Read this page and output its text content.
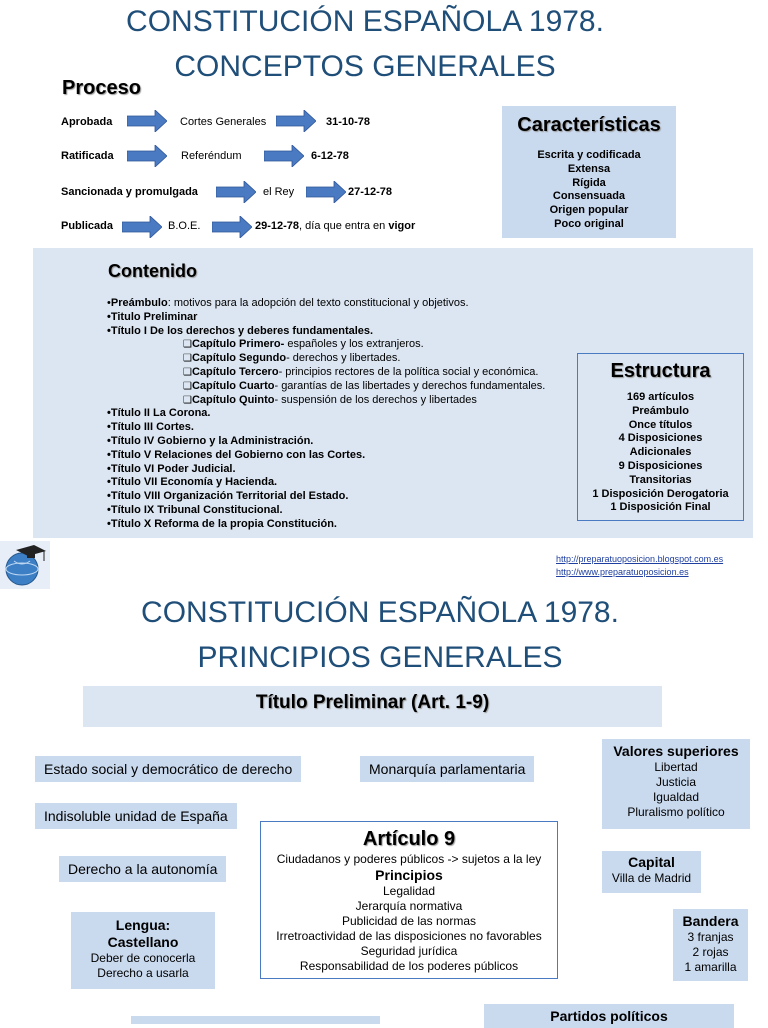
CONSTITUCIÓN ESPAÑOLA 1978.
CONCEPTOS GENERALES
Proceso
Aprobada	Cortes Generales	31-10-78
Ratificada	Referéndum	6-12-78
Sancionada y promulgada	el Rey	27-12-78
Publicada	B.O.E.	29-12-78, día que entra en vigor
Características
Escrita y codificada
Extensa
Rígida
Consensuada
Origen popular
Poco original
Contenido
•Preámbulo: motivos para la adopción del texto constitucional y objetivos.
•Titulo Preliminar
•Título I De los derechos y deberes fundamentales.
❑Capítulo Primero- españoles y los extranjeros.
❑Capítulo Segundo- derechos y libertades.
❑Capítulo Tercero- principios rectores de la política social y económica.
❑Capítulo Cuarto- garantías de las libertades y derechos fundamentales.
❑Capítulo Quinto- suspensión de los derechos y libertades
•Título II La Corona.
•Título III Cortes.
•Título IV Gobierno y la Administración.
•Título V Relaciones del Gobierno con las Cortes.
•Título VI Poder Judicial.
•Título VII Economía y Hacienda.
•Título VIII Organización Territorial del Estado.
•Título IX Tribunal Constitucional.
•Título X Reforma de la propia Constitución.
Estructura
169 artículos
Preámbulo
Once títulos
4 Disposiciones
Adicionales
9 Disposiciones
Transitorias
1 Disposición Derogatoria
1 Disposición Final
http://preparatuoposicion.blogspot.com.es
http://www.preparatuoposicion.es
CONSTITUCIÓN ESPAÑOLA 1978.
PRINCIPIOS GENERALES
Título Preliminar (Art. 1-9)
Estado social y democrático de derecho	Monarquía parlamentaria
Indisoluble unidad de España
Derecho a la autonomía
Valores superiores
Libertad
Justicia
Igualdad
Pluralismo político
Artículo 9
Ciudadanos y poderes públicos -> sujetos a la ley
Principios
Legalidad
Jerarquía normativa
Publicidad de las normas
Irretroactividad de las disposiciones no favorables
Seguridad jurídica
Responsabilidad de los poderes públicos
Capital
Villa de Madrid
Bandera
3 franjas
2 rojas
1 amarilla
Lengua:
Castellano
Deber de conocerla
Derecho a usarla
Partidos políticos
